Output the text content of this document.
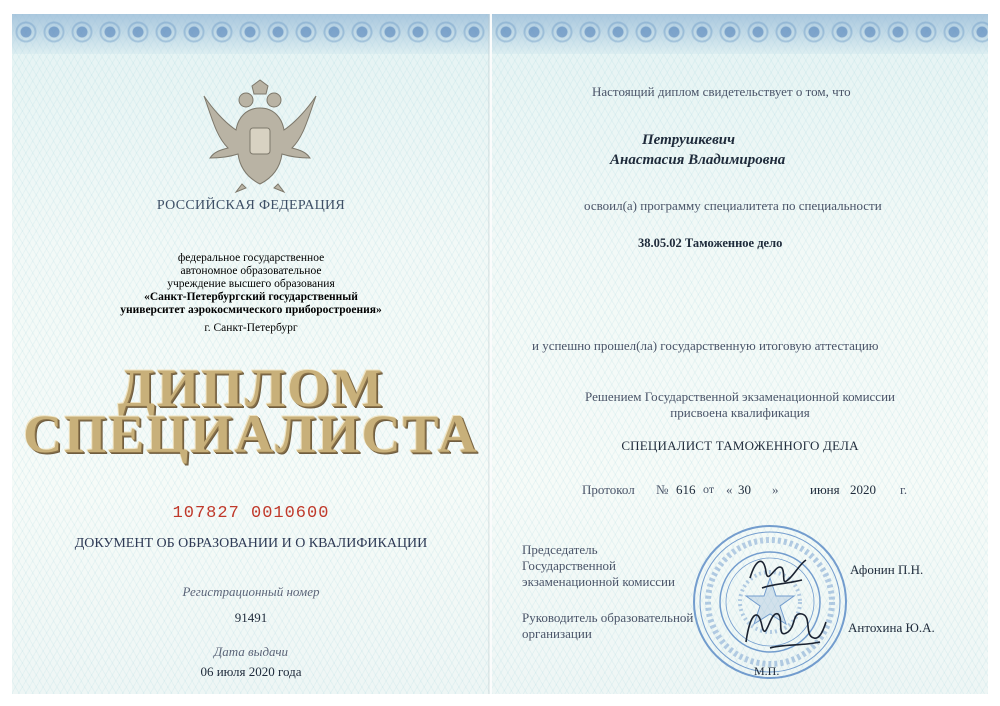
РОССИЙСКАЯ ФЕДЕРАЦИЯ

федеральное государственное

автономное образовательное

учреждение высшего образования

«Санкт-Петербургский государственный

университет аэрокосмического приборостроения»

г. Санкт-Петербург

ДИПЛОМ

СПЕЦИАЛИСТА

107827 0010600

ДОКУМЕНТ ОБ ОБРАЗОВАНИИ И О КВАЛИФИКАЦИИ

Регистрационный номер

91491

Дата выдачи

06 июля 2020 года

Настоящий диплом свидетельствует о том, что

Петрушкевич

Анастасия Владимировна

освоил(а) программу специалитета по специальности

38.05.02 Таможенное дело

и успешно прошел(ла) государственную итоговую аттестацию

Решением Государственной экзаменационной комиссии

присвоена квалификация

СПЕЦИАЛИСТ ТАМОЖЕННОГО ДЕЛА

Протокол № 616 от « 30 » июня 2020 г.

Председатель

Государственной

экзаменационной комиссии

Афонин П.Н.

Руководитель образовательной

организации	Антохина Ю.А.

М.П.
